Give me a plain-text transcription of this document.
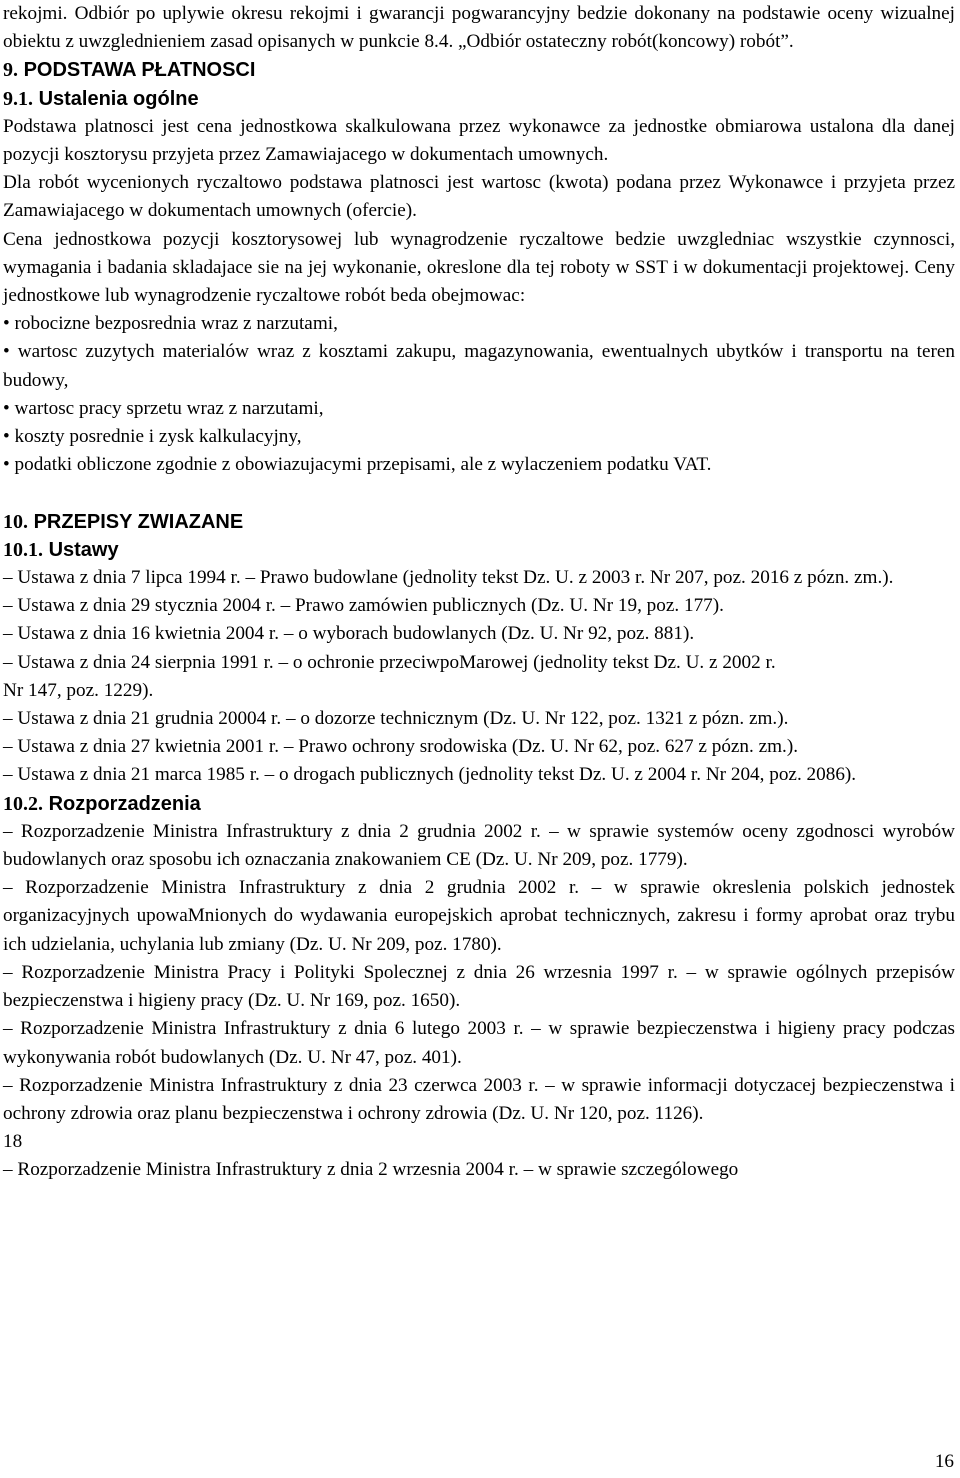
rekojmi. Odbiór po uplywie okresu rekojmi i gwarancji pogwarancyjny bedzie dokonany na podstawie oceny wizualnej obiektu z uwzglednieniem zasad opisanych w punkcie 8.4. „Odbiór ostateczny robót(koncowy) robót”.
9. PODSTAWA PŁATNOSCI
9.1. Ustalenia ogólne
Podstawa platnosci jest cena jednostkowa skalkulowana przez wykonawce za jednostke obmiarowa ustalona dla danej pozycji kosztorysu przyjeta przez Zamawiajacego w dokumentach umownych.
Dla robót wycenionych ryczaltowo podstawa platnosci jest wartosc (kwota) podana przez Wykonawce i przyjeta przez Zamawiajacego w dokumentach umownych (ofercie).
Cena jednostkowa pozycji kosztorysowej lub wynagrodzenie ryczaltowe bedzie uwzgledniac wszystkie czynnosci, wymagania i badania skladajace sie na jej wykonanie, okreslone dla tej roboty w SST i w dokumentacji projektowej. Ceny jednostkowe lub wynagrodzenie ryczaltowe robót beda obejmowac:
• robocizne bezposrednia wraz z narzutami,
• wartosc zuzytych materialów wraz z kosztami zakupu, magazynowania, ewentualnych ubytków i transportu na teren budowy,
• wartosc pracy sprzetu wraz z narzutami,
• koszty posrednie i zysk kalkulacyjny,
• podatki obliczone zgodnie z obowiazujacymi przepisami, ale z wylaczeniem podatku VAT.
10. PRZEPISY ZWIAZANE
10.1. Ustawy
– Ustawa z dnia 7 lipca 1994 r. – Prawo budowlane (jednolity tekst Dz. U. z 2003 r. Nr 207, poz. 2016 z pózn. zm.).
– Ustawa z dnia 29 stycznia 2004 r. – Prawo zamówien publicznych (Dz. U. Nr 19, poz. 177).
– Ustawa z dnia 16 kwietnia 2004 r. – o wyborach budowlanych (Dz. U. Nr 92, poz. 881).
– Ustawa z dnia 24 sierpnia 1991 r. – o ochronie przeciwpoMarowej (jednolity tekst Dz. U. z 2002 r.
Nr 147, poz. 1229).
– Ustawa z dnia 21 grudnia 20004 r. – o dozorze technicznym (Dz. U. Nr 122, poz. 1321 z pózn. zm.).
– Ustawa z dnia 27 kwietnia 2001 r. – Prawo ochrony srodowiska (Dz. U. Nr 62, poz. 627 z pózn. zm.).
– Ustawa z dnia 21 marca 1985 r. – o drogach publicznych (jednolity tekst Dz. U. z 2004 r. Nr 204, poz. 2086).
10.2. Rozporzadzenia
– Rozporzadzenie Ministra Infrastruktury z dnia 2 grudnia 2002 r. – w sprawie systemów oceny zgodnosci wyrobów budowlanych oraz sposobu ich oznaczania znakowaniem CE (Dz. U. Nr 209, poz. 1779).
– Rozporzadzenie Ministra Infrastruktury z dnia 2 grudnia 2002 r. – w sprawie okreslenia polskich jednostek organizacyjnych upowaMnionych do wydawania europejskich aprobat technicznych, zakresu i formy aprobat oraz trybu ich udzielania, uchylania lub zmiany (Dz. U. Nr 209, poz. 1780).
– Rozporzadzenie Ministra Pracy i Polityki Spolecznej z dnia 26 wrzesnia 1997 r. – w sprawie ogólnych przepisów bezpieczenstwa i higieny pracy (Dz. U. Nr 169, poz. 1650).
– Rozporzadzenie Ministra Infrastruktury z dnia 6 lutego 2003 r. – w sprawie bezpieczenstwa i higieny pracy podczas wykonywania robót budowlanych (Dz. U. Nr 47, poz. 401).
– Rozporzadzenie Ministra Infrastruktury z dnia 23 czerwca 2003 r. – w sprawie informacji dotyczacej bezpieczenstwa i ochrony zdrowia oraz planu bezpieczenstwa i ochrony zdrowia (Dz. U. Nr 120, poz. 1126).
18
– Rozporzadzenie Ministra Infrastruktury z dnia 2 wrzesnia 2004 r. – w sprawie szczególowego
16
